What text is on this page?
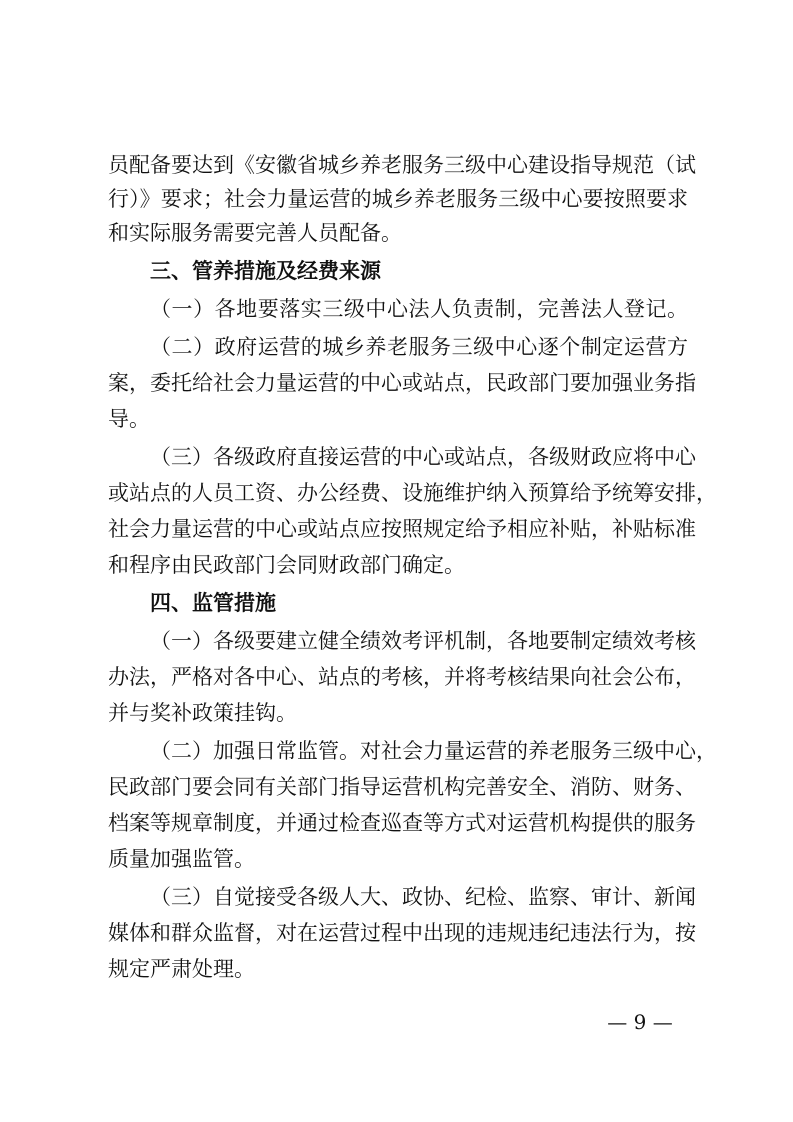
员配备要达到《安徽省城乡养老服务三级中心建设指导规范（试
行）》要求；社会力量运营的城乡养老服务三级中心要按照要求
和实际服务需要完善人员配备。
三、管养措施及经费来源
（一）各地要落实三级中心法人负责制，完善法人登记。
（二）政府运营的城乡养老服务三级中心逐个制定运营方
案，委托给社会力量运营的中心或站点，民政部门要加强业务指
导。
（三）各级政府直接运营的中心或站点，各级财政应将中心
或站点的人员工资、办公经费、设施维护纳入预算给予统筹安排，
社会力量运营的中心或站点应按照规定给予相应补贴，补贴标准
和程序由民政部门会同财政部门确定。
四、监管措施
（一）各级要建立健全绩效考评机制，各地要制定绩效考核
办法，严格对各中心、站点的考核，并将考核结果向社会公布，
并与奖补政策挂钩。
（二）加强日常监管。对社会力量运营的养老服务三级中心，
民政部门要会同有关部门指导运营机构完善安全、消防、财务、
档案等规章制度，并通过检查巡查等方式对运营机构提供的服务
质量加强监管。
（三）自觉接受各级人大、政协、纪检、监察、审计、新闻
媒体和群众监督，对在运营过程中出现的违规违纪违法行为，按
规定严肃处理。
— 9 —
